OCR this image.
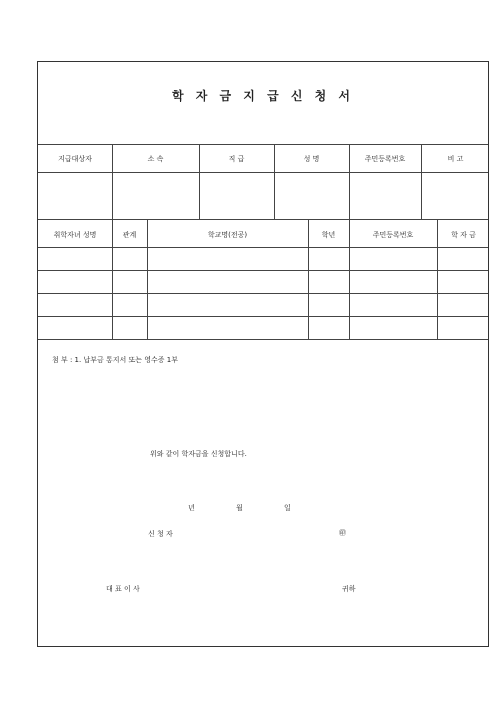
학 자 금 지 급 신 청 서
지급대상자	소 속	직 급	성 명	주민등록번호	비 고
취학자녀 성명	관계	학교명(전공)	학년	주민등록번호	학 자 금
첨 부 : 1. 납부금 통지서 또는 영수증 1부
위와 같이 학자금을 신청합니다.
년	월	일
신 청 자	㊞
대 표 이 사	귀하
